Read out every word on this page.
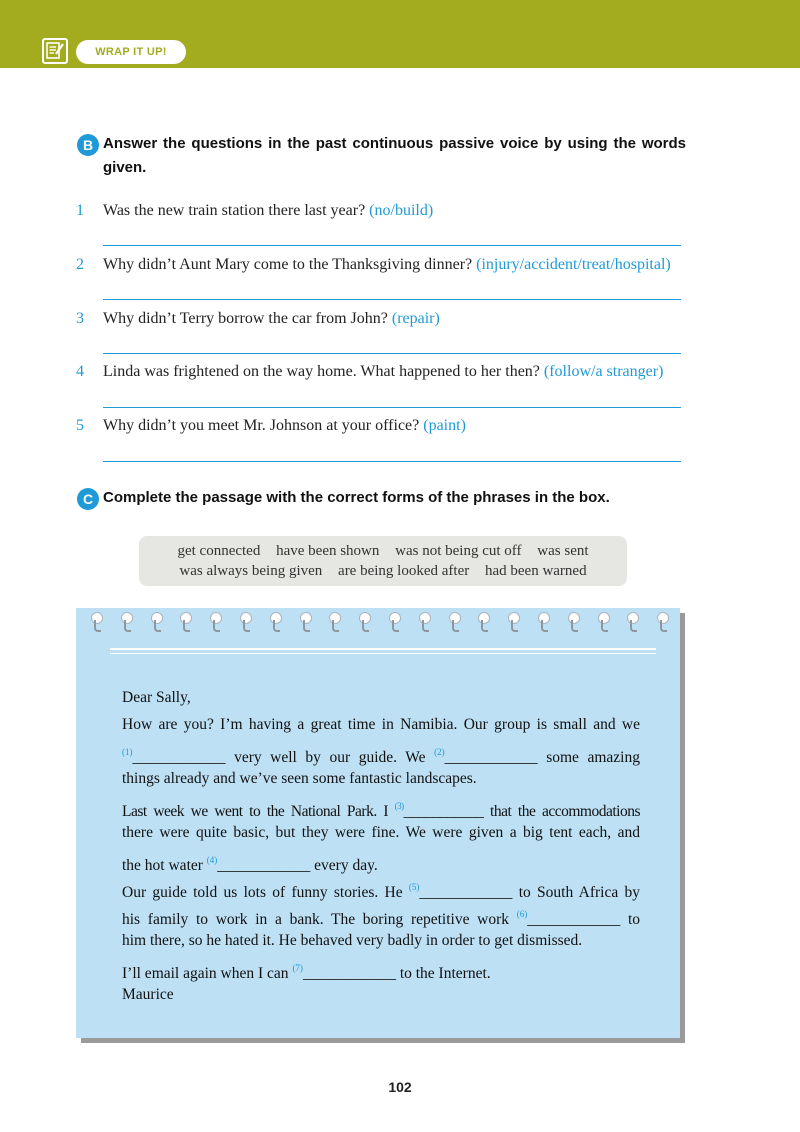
WRAP IT UP!
B Answer the questions in the past continuous passive voice by using the words
given.
1 Was the new train station there last year? (no/build)
2 Why didn’t Aunt Mary come to the Thanksgiving dinner? (injury/accident/treat/hospital)
3 Why didn’t Terry borrow the car from John? (repair)
4 Linda was frightened on the way home. What happened to her then? (follow/a stranger)
5 Why didn’t you meet Mr. Johnson at your office? (paint)
C Complete the passage with the correct forms of the phrases in the box.
get connected have been shown was not being cut off was sent
was always being given are being looked after had been warned
Dear Sally,
How are you? I’m having a great time in Namibia. Our group is small and we
$^{(1)}$____________ very well by our guide. We $^{(2)}$____________ some amazing
things already and we’ve seen some fantastic landscapes.
Last week we went to the National Park. I $^{(3)}$___________ that the accommodations
there were quite basic, but they were fine. We were given a big tent each, and
the hot water $^{(4)}$____________ every day.
Our guide told us lots of funny stories. He $^{(5)}$____________ to South Africa by
his family to work in a bank. The boring repetitive work $^{(6)}$____________ to
him there, so he hated it. He behaved very badly in order to get dismissed.
I’ll email again when I can $^{(7)}$____________ to the Internet.
Maurice
102
